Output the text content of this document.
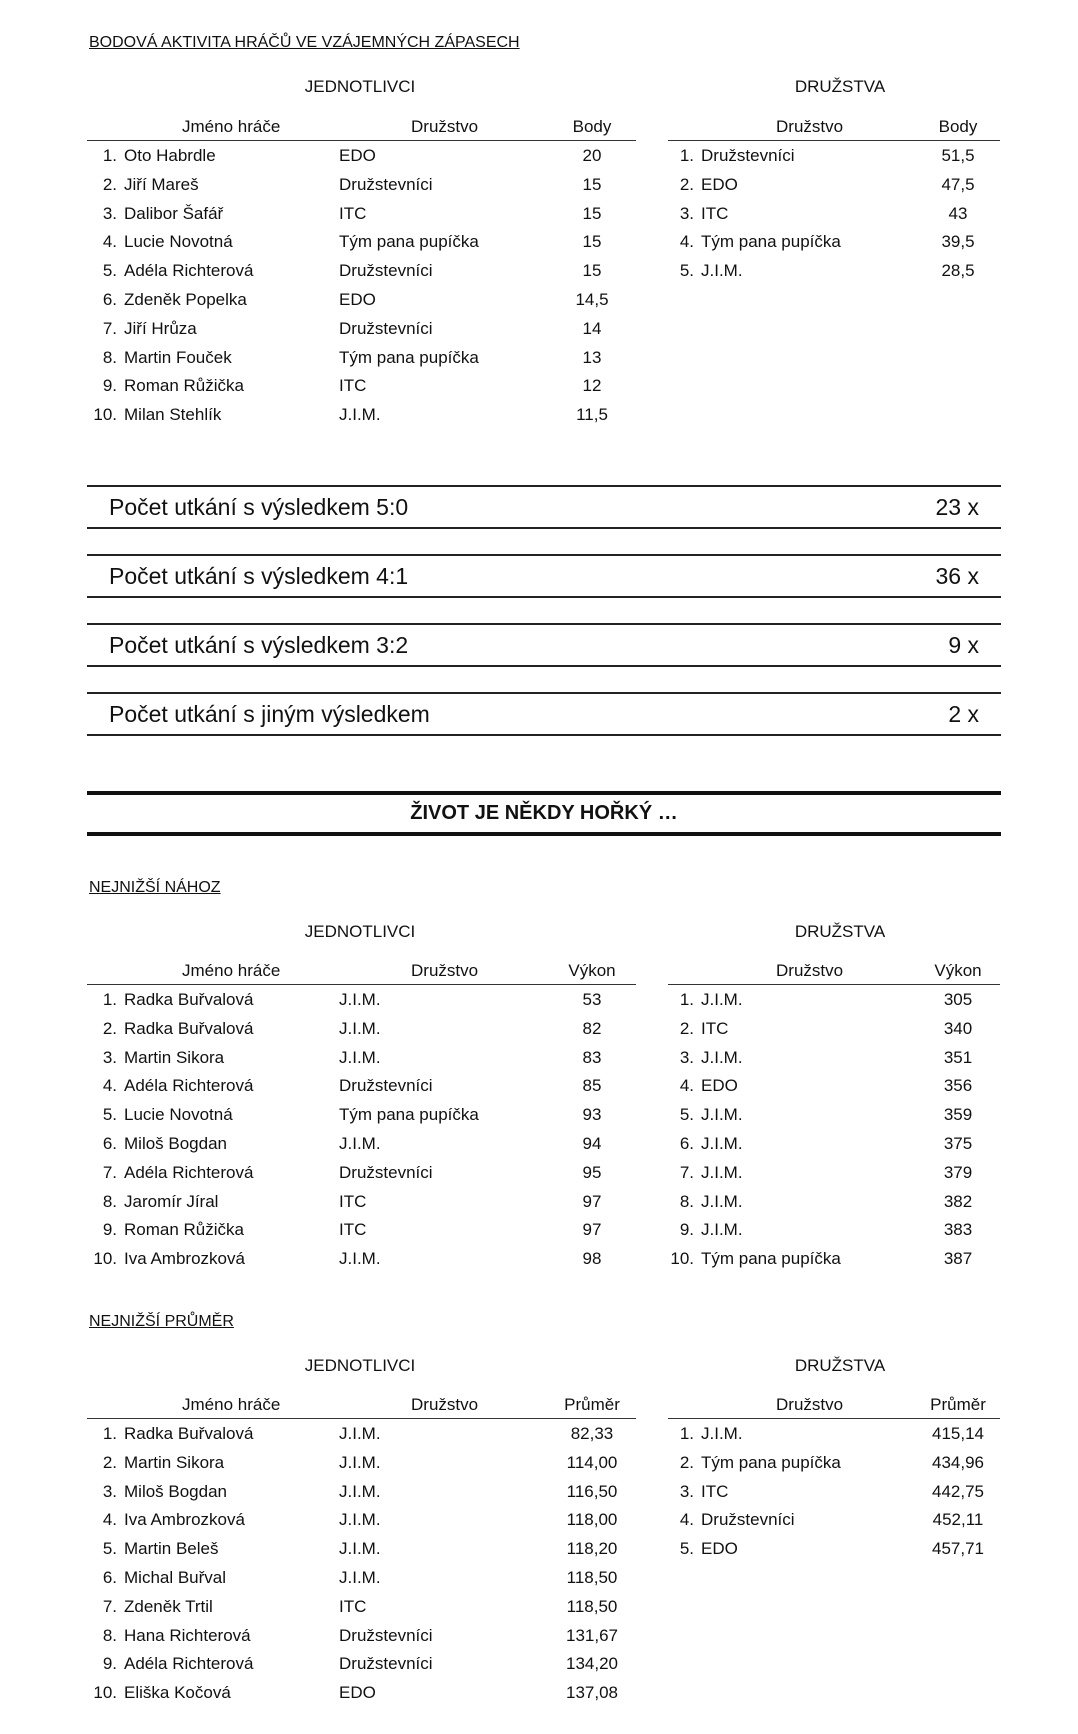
BODOVÁ AKTIVITA HRÁČŮ VE VZÁJEMNÝCH ZÁPASECH
JEDNOTLIVCI	DRUŽSTVA
Jméno hráče	Družstvo	Body
1. Oto Habrdle	EDO	20
2. Jiří Mareš	Družstevníci	15
3. Dalibor Šafář	ITC	15
4. Lucie Novotná	Tým pana pupíčka	15
5. Adéla Richterová	Družstevníci	15
6. Zdeněk Popelka	EDO	14,5
7. Jiří Hrůza	Družstevníci	14
8. Martin Fouček	Tým pana pupíčka	13
9. Roman Růžička	ITC	12
10. Milan Stehlík	J.I.M.	11,5
Družstvo	Body
1. Družstevníci	51,5
2. EDO	47,5
3. ITC	43
4. Tým pana pupíčka	39,5
5. J.I.M.	28,5
Počet utkání s výsledkem 5:0	23 x
Počet utkání s výsledkem 4:1	36 x
Počet utkání s výsledkem 3:2	9 x
Počet utkání s jiným výsledkem	2 x
ŽIVOT JE NĚKDY HOŘKÝ …
NEJNIŽŠÍ NÁHOZ
JEDNOTLIVCI	DRUŽSTVA
Jméno hráče	Družstvo	Výkon
1. Radka Buřvalová	J.I.M.	53
2. Radka Buřvalová	J.I.M.	82
3. Martin Sikora	J.I.M.	83
4. Adéla Richterová	Družstevníci	85
5. Lucie Novotná	Tým pana pupíčka	93
6. Miloš Bogdan	J.I.M.	94
7. Adéla Richterová	Družstevníci	95
8. Jaromír Jíral	ITC	97
9. Roman Růžička	ITC	97
10. Iva Ambrozková	J.I.M.	98
Družstvo	Výkon
1. J.I.M.	305
2. ITC	340
3. J.I.M.	351
4. EDO	356
5. J.I.M.	359
6. J.I.M.	375
7. J.I.M.	379
8. J.I.M.	382
9. J.I.M.	383
10. Tým pana pupíčka	387
NEJNIŽŠÍ PRŮMĚR
JEDNOTLIVCI	DRUŽSTVA
Jméno hráče	Družstvo	Průměr
1. Radka Buřvalová	J.I.M.	82,33
2. Martin Sikora	J.I.M.	114,00
3. Miloš Bogdan	J.I.M.	116,50
4. Iva Ambrozková	J.I.M.	118,00
5. Martin Beleš	J.I.M.	118,20
6. Michal Buřval	J.I.M.	118,50
7. Zdeněk Trtil	ITC	118,50
8. Hana Richterová	Družstevníci	131,67
9. Adéla Richterová	Družstevníci	134,20
10. Eliška Kočová	EDO	137,08
Družstvo	Průměr
1. J.I.M.	415,14
2. Tým pana pupíčka	434,96
3. ITC	442,75
4. Družstevníci	452,11
5. EDO	457,71
